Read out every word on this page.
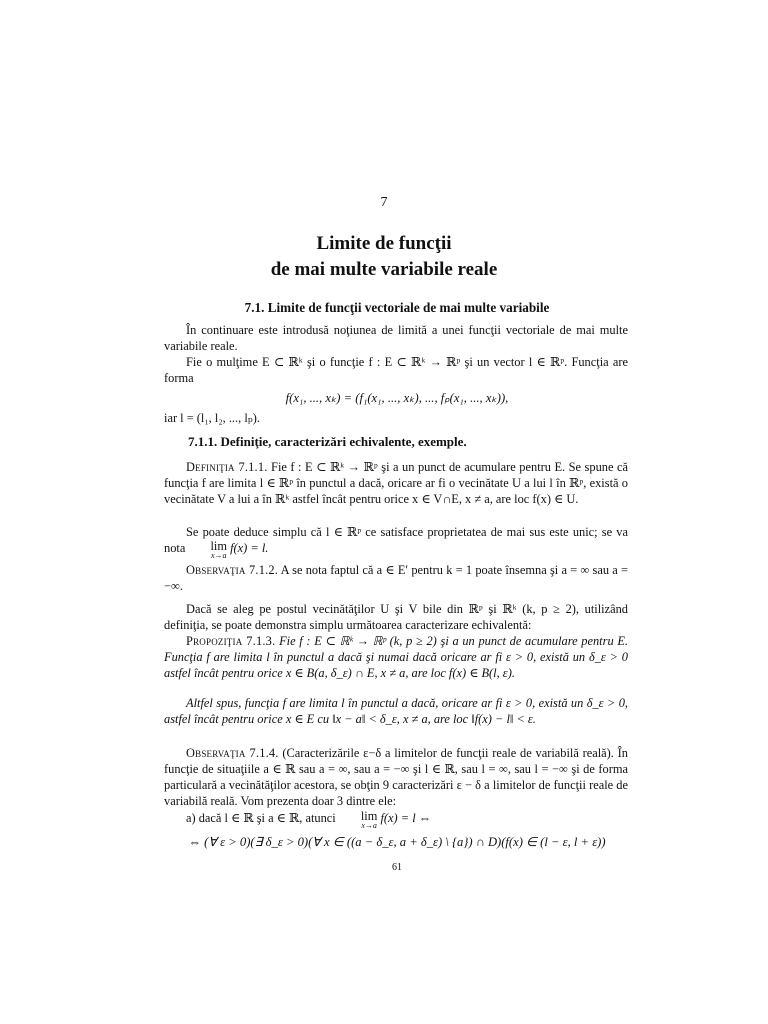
7
Limite de funcţii
de mai multe variabile reale
7.1. Limite de funcţii vectoriale de mai multe variabile
În continuare este introdusă noţiunea de limită a unei funcţii vectoriale de mai multe variabile reale.
Fie o mulţime E ⊂ ℝᵏ şi o funcţie f : E ⊂ ℝᵏ → ℝᵖ şi un vector l ∈ ℝᵖ. Funcţia are forma
f(x₁, ..., xₖ) = (f₁(x₁, ..., xₖ), ..., fₚ(x₁, ..., xₖ)),
iar l = (l₁, l₂, ..., lₚ).
7.1.1. Definiţie, caracterizări echivalente, exemple.
Definiţia 7.1.1. Fie f : E ⊂ ℝᵏ → ℝᵖ şi a un punct de acumulare pentru E. Se spune că funcţia f are limita l ∈ ℝᵖ în punctul a dacă, oricare ar fi o vecinătate U a lui l în ℝᵖ, există o vecinătate V a lui a în ℝᵏ astfel încât pentru orice x ∈ V∩E, x ≠ a, are loc f(x) ∈ U.
Se poate deduce simplu că l ∈ ℝᵖ ce satisface proprietatea de mai sus este unic; se va nota lim
x→a
f(x) = l.
Observaţia 7.1.2. A se nota faptul că a ∈ E′ pentru k = 1 poate însemna şi a = ∞ sau a = −∞.
Dacă se aleg pe postul vecinătăţilor U şi V bile din ℝᵖ şi ℝᵏ (k, p ≥ 2), utilizând definiţia, se poate demonstra simplu următoarea caracterizare echivalentă:
Propoziţia 7.1.3. Fie f : E ⊂ ℝᵏ → ℝᵖ (k, p ≥ 2) şi a un punct de acumulare pentru E. Funcţia f are limita l în punctul a dacă şi numai dacă oricare ar fi ε > 0, există un δ_ε > 0 astfel încât pentru orice x ∈ B(a, δ_ε) ∩ E, x ≠ a, are loc f(x) ∈ B(l, ε).
Altfel spus, funcţia f are limita l în punctul a dacă, oricare ar fi ε > 0, există un δ_ε > 0, astfel încât pentru orice x ∈ E cu ‖x − a‖ < δ_ε, x ≠ a, are loc ‖f(x) − l‖ < ε.
Observaţia 7.1.4. (Caracterizările ε−δ a limitelor de funcţii reale de variabilă reală). În funcţie de situaţiile a ∈ ℝ sau a = ∞, sau a = −∞ şi l ∈ ℝ, sau l = ∞, sau l = −∞ şi de forma particulară a vecinătăţilor acestora, se obţin 9 caracterizări ε − δ a limitelor de funcţii reale de variabilă reală. Vom prezenta doar 3 dintre ele:
a) dacă l ∈ ℝ şi a ∈ ℝ, atunci lim
x→a
f(x) = l ⇔
⇔ (∀ ε > 0)(∃ δ_ε > 0)(∀ x ∈ ((a − δ_ε, a + δ_ε) \ {a}) ∩ D)(f(x) ∈ (l − ε, l + ε))
61
